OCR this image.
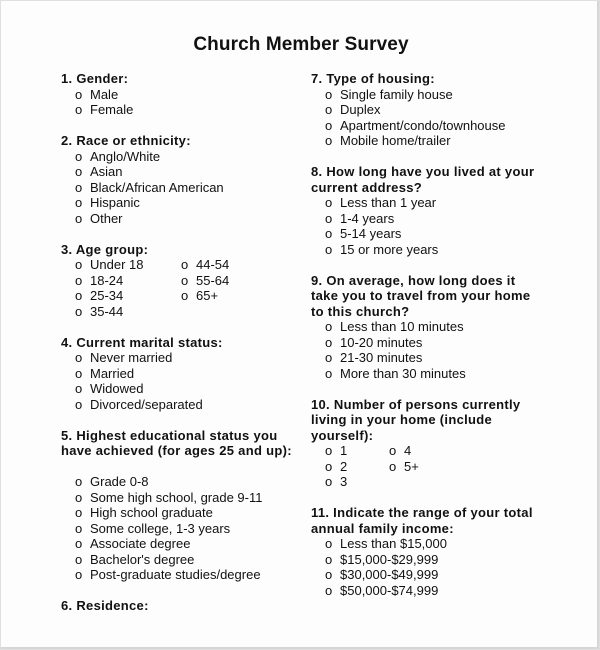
Church Member Survey
1. Gender:
o Male
o Female
2. Race or ethnicity:
o Anglo/White
o Asian
o Black/African American
o Hispanic
o Other
3. Age group:
o Under 18	o 44-54
o 18-24	o 55-64
o 25-34	o 65+
o 35-44
4. Current marital status:
o Never married
o Married
o Widowed
o Divorced/separated
5. Highest educational status you have achieved (for ages 25 and up):
o Grade 0-8
o Some high school, grade 9-11
o High school graduate
o Some college, 1-3 years
o Associate degree
o Bachelor's degree
o Post-graduate studies/degree
6. Residence:
7. Type of housing:
o Single family house
o Duplex
o Apartment/condo/townhouse
o Mobile home/trailer
8. How long have you lived at your current address?
o Less than 1 year
o 1-4 years
o 5-14 years
o 15 or more years
9. On average, how long does it take you to travel from your home to this church?
o Less than 10 minutes
o 10-20 minutes
o 21-30 minutes
o More than 30 minutes
10. Number of persons currently living in your home (include yourself):
o 1	o 4
o 2	o 5+
o 3
11. Indicate the range of your total annual family income:
o Less than $15,000
o $15,000-$29,999
o $30,000-$49,999
o $50,000-$74,999
